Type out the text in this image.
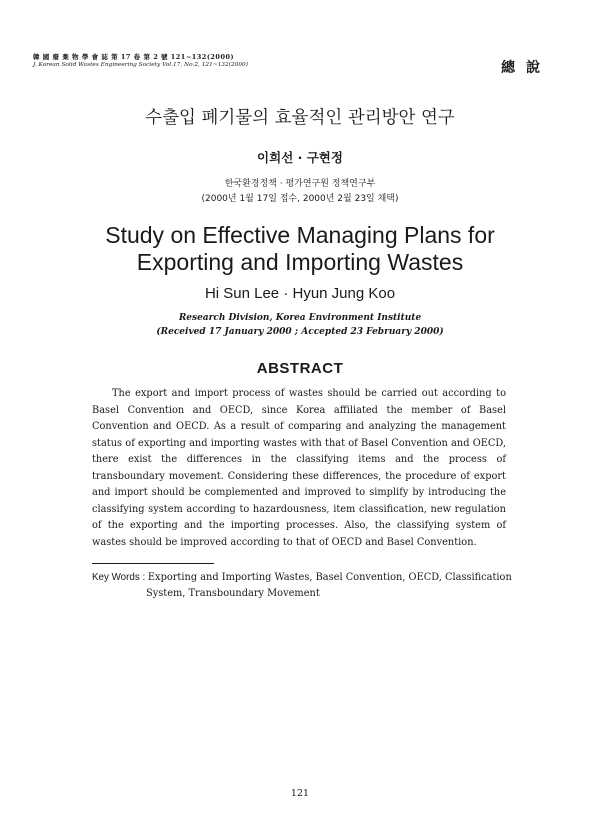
韓 國 廢 棄 物 學 會 誌 第 17 卷 第 2 號 121~132(2000)
J. Korean Solid Wastes Engineering Society Vol.17, No.2, 121~132(2000)	總 說
수출입 폐기물의 효율적인 관리방안 연구
이희선 · 구현정
한국환경정책 · 평가연구원 정책연구부
(2000년 1월 17일 접수, 2000년 2월 23일 채택)
Study on Effective Managing Plans for
Exporting and Importing Wastes
Hi Sun Lee · Hyun Jung Koo
Research Division, Korea Environment Institute
(Received 17 January 2000 ; Accepted 23 February 2000)
ABSTRACT
The export and import process of wastes should be carried out according to Basel Convention and OECD, since Korea affiliated the member of Basel Convention and OECD. As a result of comparing and analyzing the management status of exporting and importing wastes with that of Basel Convention and OECD, there exist the differences in the classifying items and the process of transboundary movement. Considering these differences, the procedure of export and import should be complemented and improved to simplify by introducing the classifying system according to hazardousness, item classification, new regulation of the exporting and the importing processes. Also, the classifying system of wastes should be improved according to that of OECD and Basel Convention.
Key Words : Exporting and Importing Wastes, Basel Convention, OECD, Classification
System, Transboundary Movement
121
